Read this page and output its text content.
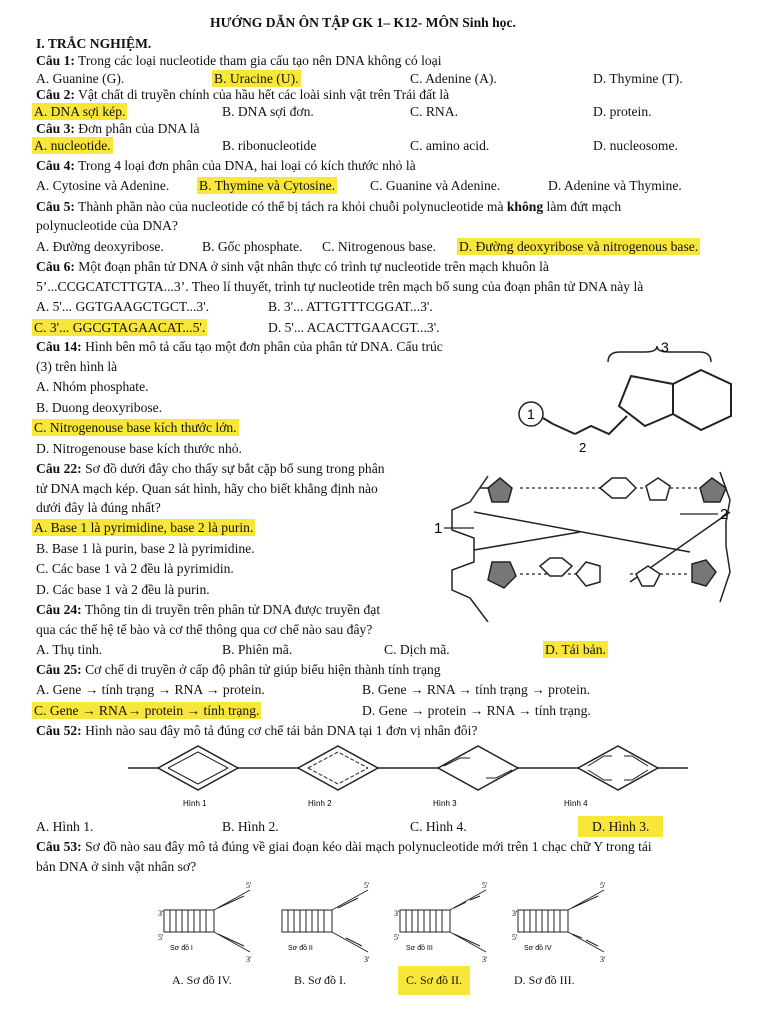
HƯỚNG DẪN ÔN TẬP GK 1– K12- MÔN Sinh học.
I. TRẮC NGHIỆM.
Câu 1: Trong các loại nucleotide tham gia cấu tạo nên DNA không có loại
A. Guanine (G).	B. Uracine (U).	C. Adenine (A).	D. Thymine (T).
Câu 2: Vật chất di truyền chính của hầu hết các loài sinh vật trên Trái đất là
A. DNA sợi kép.	B. DNA sợi đơn.	C. RNA.	D. protein.
Câu 3: Đơn phân của DNA là
A. nucleotide.	B. ribonucleotide	C. amino acid.	D. nucleosome.
Câu 4: Trong 4 loại đơn phân của DNA, hai loại có kích thước nhỏ là
A. Cytosine và Adenine. B. Thymine và Cytosine.	C. Guanine và Adenine.	D. Adenine và Thymine.
Câu 5: Thành phần nào của nucleotide có thể bị tách ra khỏi chuỗi polynucleotide mà không làm đứt mạch
polynucleotide của DNA?
A. Đường deoxyribose.	B. Gốc phosphate. C. Nitrogenous base. D. Đường deoxyribose và nitrogenous base.
Câu 6: Một đoạn phân tử DNA ở sinh vật nhân thực có trình tự nucleotide trên mạch khuôn là
5’...CCGCATCTTGTA...3’. Theo lí thuyết, trình tự nucleotide trên mạch bổ sung của đoạn phân tử DNA này là
A. 5'... GGTGAAGCTGCT...3'.	B. 3'... ATTGTTTCGGAT...3'.
C. 3'... GGCGTAGAACAT...5'.	D. 5'... ACACTTGAACGT...3'.
Câu 14: Hình bên mô tả cấu tạo một đơn phân của phân tử DNA. Cấu trúc
(3) trên hình là
A. Nhóm phosphate.
B. Duong deoxyribose.
C. Nitrogenouse base kích thước lớn.
D. Nitrogenouse base kích thước nhỏ.
1
2
3
Câu 22: Sơ đồ dưới đây cho thấy sự bắt cặp bổ sung trong phân
tử DNA mạch kép. Quan sát hình, hãy cho biết khẳng định nào
dưới đây là đúng nhất?
A. Base 1 là pyrimidine, base 2 là purin.
B. Base 1 là purin, base 2 là pyrimidine.
C. Các base 1 và 2 đều là pyrimidin.
D. Các base 1 và 2 đều là purin.
1
2
Câu 24: Thông tin di truyền trên phân tử DNA được truyền đạt
qua các thế hệ tế bào và cơ thể thông qua cơ chế nào sau đây?
A. Thụ tinh.	B. Phiên mã.	C. Dịch mã.	D. Tái bản.
Câu 25: Cơ chế di truyền ở cấp độ phân tử giúp biểu hiện thành tính trạng
A. Gene → tính trạng → RNA → protein.	B. Gene → RNA → tính trạng → protein.
C. Gene → RNA→ protein → tính trạng.	D. Gene → protein → RNA → tính trạng.
Câu 52: Hình nào sau đây mô tả đúng cơ chế tái bản DNA tại 1 đơn vị nhân đôi?
Hình 1	Hình 2	Hình 3	Hình 4
A. Hình 1.	B. Hình 2.	C. Hình 4.	D. Hình 3.
Câu 53: Sơ đồ nào sau đây mô tả đúng về giai đoạn kéo dài mạch polynucleotide mới trên 1 chạc chữ Y trong tái
bản DNA ở sinh vật nhân sơ?
3'
5'
5'
3'
Sơ đồ I
5'
3'
Sơ đồ II
3'
5'
5'
3'
Sơ đồ III
3'
5'
5'
3'
Sơ đồ IV
A. Sơ đồ IV.	B. Sơ đồ I.	C. Sơ đồ II.	D. Sơ đồ III.
